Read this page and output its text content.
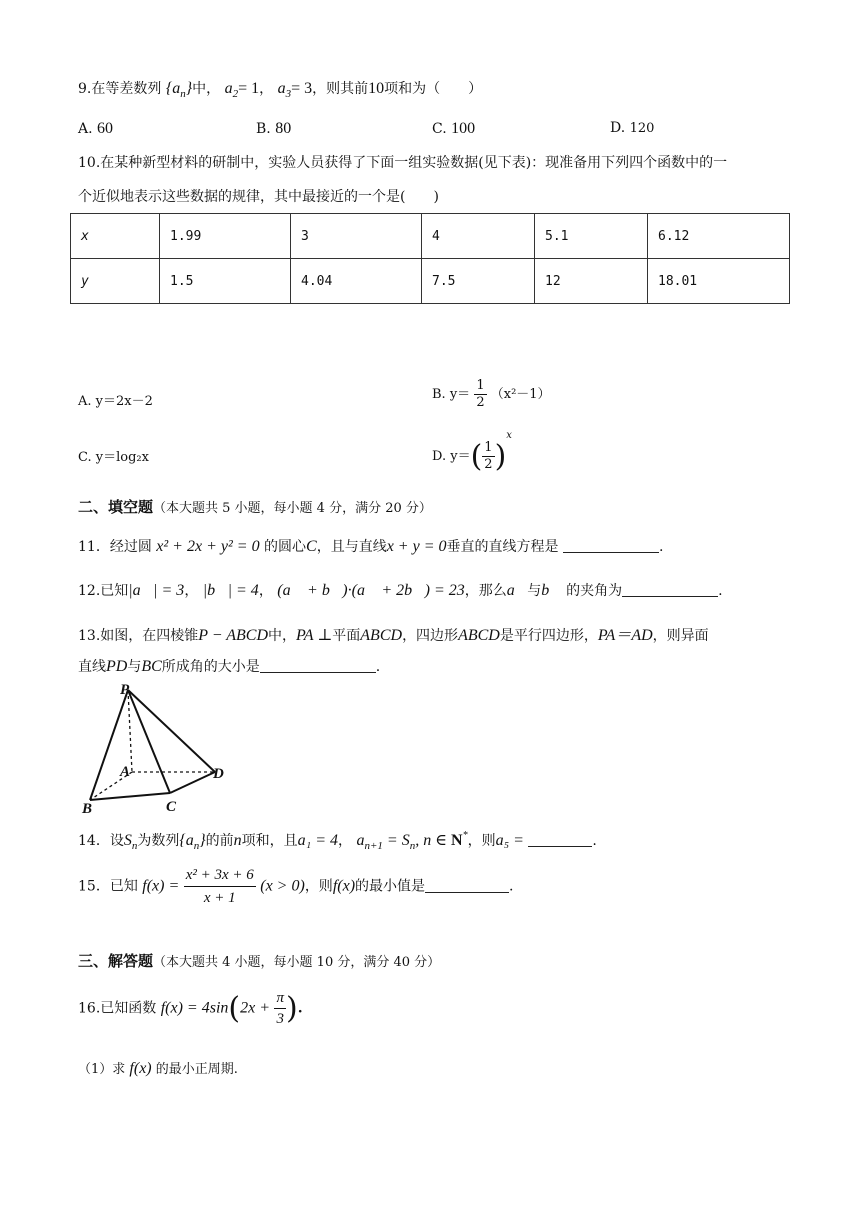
9.在等差数列 $\{a_n\}$中， $a_2= 1$， $a_3= 3$，则其前10项和为（　　）
A. 60	B. 80	C. 100	D. 120
10.在某种新型材料的研制中，实验人员获得了下面一组实验数据(见下表)：现准备用下列四个函数中的一
个近似地表示这些数据的规律，其中最接近的一个是(　　)
x	1.99	3	4	5.1	6.12
y	1.5	4.04	7.5	12	18.01
A. y＝2x－2	B. $y= \frac{1}{2} (x^2-1)$
C. y＝log₂x	D. $y=( \frac{1}{2} )^x$
二、填空题（本大题共 5 小题，每小题 4 分，满分 20 分）
11．经过圆 x² + 2x + y² = 0 的圆心C，且与直线x + y = 0垂直的直线方程是	.
12.已知|a⃗| = 3， |b⃗| = 4， (a⃗ + b⃗)·(a⃗ + 2b⃗) = 23，那么a⃗与b⃗ 的夹角为	.
13.如图，在四棱锥P − ABCD中，PA ⊥平面ABCD，四边形ABCD是平行四边形，PA＝AD，则异面
直线PD与BC所成角的大小是	.
P
A
B	C
D
14．设$S_n$为数列$\{a_n\}$的前n项和，且a₁ = 4， $a_{n+1} = S_n$, n ∈ N*，则a₅ =	.
15．已知 $f(x) = \frac{\text{x² + 3x + 6}}{x + 1} (x > 0)$，则f(x)的最小值是	.
三、解答题（本大题共 4 小题，每小题 10 分，满分 40 分）
16.已知函数 $f(x) = 4\sin(2x + \frac{\pi}{3}$ ).
（1）求 f(x) 的最小正周期.
